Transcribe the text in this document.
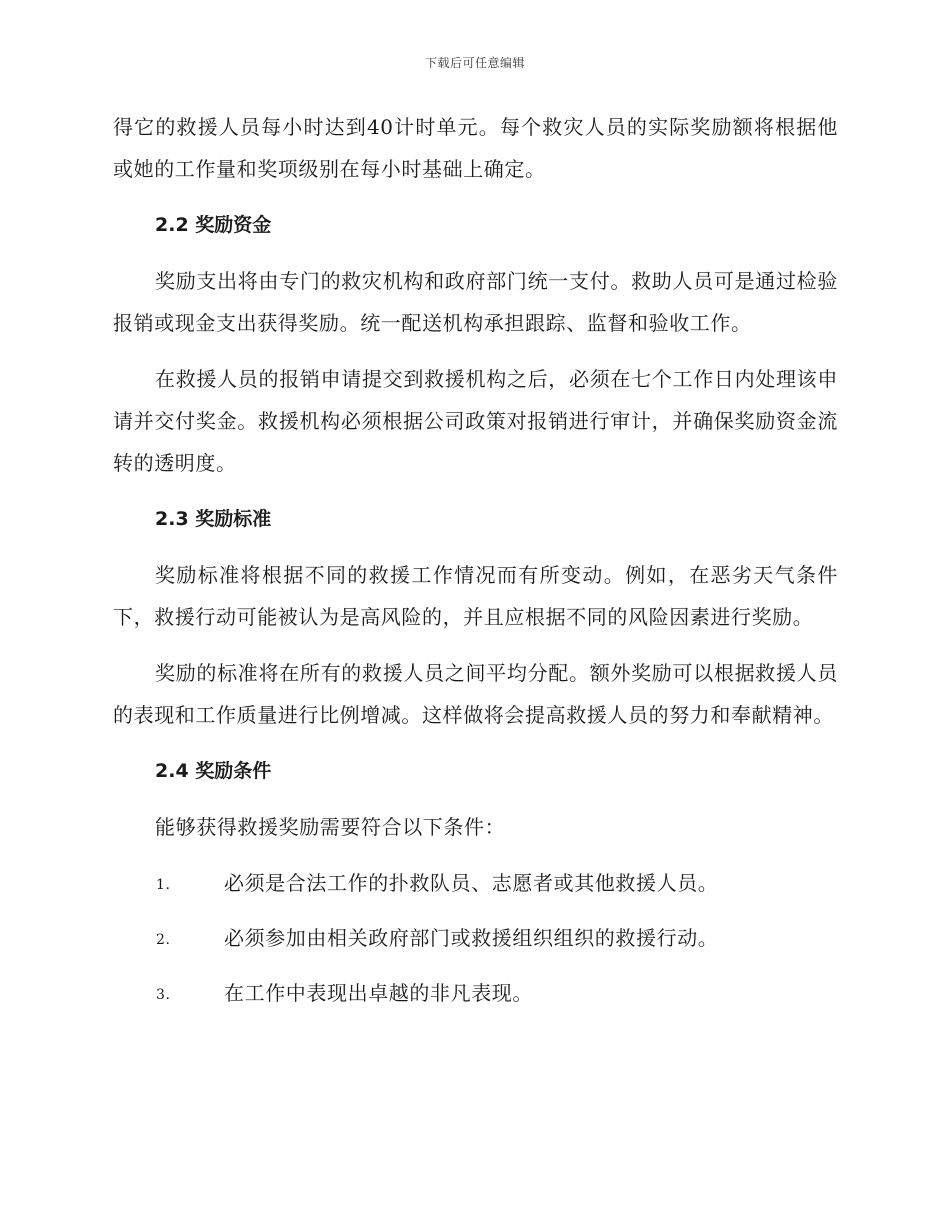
下载后可任意编辑

得它的救援人员每小时达到40计时单元。每个救灾人员的实际奖励额将根据他或她的工作量和奖项级别在每小时基础上确定。

2.2 奖励资金

奖励支出将由专门的救灾机构和政府部门统一支付。救助人员可是通过检验报销或现金支出获得奖励。统一配送机构承担跟踪、监督和验收工作。

在救援人员的报销申请提交到救援机构之后，必须在七个工作日内处理该申请并交付奖金。救援机构必须根据公司政策对报销进行审计，并确保奖励资金流转的透明度。

2.3 奖励标准

奖励标准将根据不同的救援工作情况而有所变动。例如，在恶劣天气条件下，救援行动可能被认为是高风险的，并且应根据不同的风险因素进行奖励。

奖励的标准将在所有的救援人员之间平均分配。额外奖励可以根据救援人员的表现和工作质量进行比例增减。这样做将会提高救援人员的努力和奉献精神。

2.4 奖励条件

能够获得救援奖励需要符合以下条件：

1.	必须是合法工作的扑救队员、志愿者或其他救援人员。
2.	必须参加由相关政府部门或救援组织组织的救援行动。
3.	在工作中表现出卓越的非凡表现。
